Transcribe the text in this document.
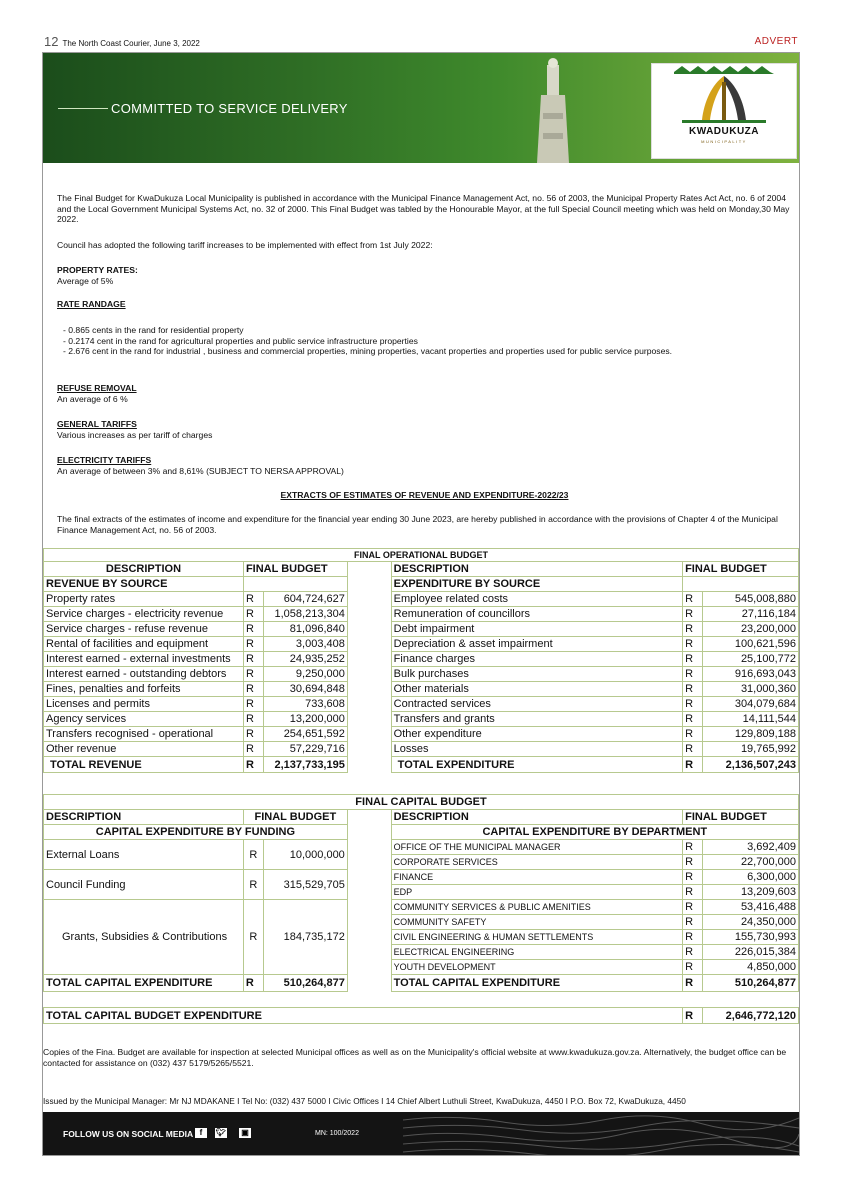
12 The North Coast Courier, June 3, 2022	ADVERT
COMMITTED TO SERVICE DELIVERY
KWADUKUZA
MUNICIPALITY

The Final Budget for KwaDukuza Local Municipality is published in accordance with the Municipal Finance Management Act, no. 56 of 2003, the Municipal Property Rates Act Act, no. 6 of 2004 and the Local Government Municipal Systems Act, no. 32 of 2000. This Final Budget was tabled by the Honourable Mayor, at the full Special Council meeting which was held on Monday,30 May 2022.

Council has adopted the following tariff increases to be implemented with effect from 1st July 2022:

PROPERTY RATES:

Average of 5%

RATE RANDAGE

- 0.865 cents in the rand for residential property

- 0.2174 cent in the rand for agricultural properties and public service infrastructure properties

- 2.676 cent in the rand for industrial , business and commercial properties, mining properties, vacant properties and properties used for public service purposes.

REFUSE REMOVAL

An average of 6 %

GENERAL TARIFFS

Various increases as per tariff of charges

ELECTRICITY TARIFFS

An average of between 3% and 8,61% (SUBJECT TO NERSA APPROVAL)

EXTRACTS OF ESTIMATES OF REVENUE AND EXPENDITURE-2022/23

The final extracts of the estimates of income and expenditure for the financial year ending 30 June 2023, are hereby published in accordance with the provisions of Chapter 4 of the Municipal Finance Management Act, no. 56 of 2003.

FINAL OPERATIONAL BUDGET						
DESCRIPTION	FINAL BUDGET			DESCRIPTION	FINAL BUDGET	
REVENUE BY SOURCE				EXPENDITURE BY SOURCE		
Property rates	R	604,724,627		Employee related costs	R	545,008,880
Service charges - electricity revenue	R	1,058,213,304		Remuneration of councillors	R	27,116,184
Service charges - refuse revenue	R	81,096,840		Debt impairment	R	23,200,000
Rental of facilities and equipment	R	3,003,408		Depreciation & asset impairment	R	100,621,596
Interest earned - external investments	R	24,935,252		Finance charges	R	25,100,772
Interest earned - outstanding debtors	R	9,250,000		Bulk purchases	R	916,693,043
Fines, penalties and forfeits	R	30,694,848		Other materials	R	31,000,360
Licenses and permits	R	733,608		Contracted services	R	304,079,684
Agency services	R	13,200,000		Transfers and grants	R	14,111,544
Transfers recognised - operational	R	254,651,592		Other expenditure	R	129,809,188
Other revenue	R	57,229,716		Losses	R	19,765,992
TOTAL REVENUE	R	2,137,733,195		TOTAL EXPENDITURE	R	2,136,507,243
FINAL CAPITAL BUDGET						
DESCRIPTION	FINAL BUDGET			DESCRIPTION	FINAL BUDGET	
CAPITAL EXPENDITURE BY FUNDING				CAPITAL EXPENDITURE BY DEPARTMENT		
External Loans	R	10,000,000		OFFICE OF THE MUNICIPAL MANAGER	R	3,692,409
				CORPORATE SERVICES	R	22,700,000
Council Funding	R	315,529,705		FINANCE	R	6,300,000
				EDP	R	13,209,603
Grants, Subsidies & Contributions	R	184,735,172		COMMUNITY SERVICES & PUBLIC AMENITIES	R	53,416,488
				COMMUNITY SAFETY	R	24,350,000
				CIVIL ENGINEERING & HUMAN SETTLEMENTS	R	155,730,993
				ELECTRICAL ENGINEERING	R	226,015,384
				YOUTH DEVELOPMENT	R	4,850,000
TOTAL CAPITAL EXPENDITURE	R	510,264,877		TOTAL CAPITAL EXPENDITURE	R	510,264,877

TOTAL CAPITAL BUDGET EXPENDITURE					R	2,646,772,120

Copies of the Fina. Budget are available for inspection at selected Municipal offices as well as on the Municipality's official website at www.kwadukuza.gov.za. Alternatively, the budget office can be contacted for assistance on (032) 437 5179/5265/5521.

Issued by the Municipal Manager: Mr NJ MDAKANE I Tel No: (032) 437 5000 I Civic Offices I 14 Chief Albert Luthuli Street, KwaDukuza, 4450 I P.O. Box 72, KwaDukuza, 4450

FOLLOW US ON SOCIAL MEDIA f	🐦︎ ▣	MN: 100/2022
